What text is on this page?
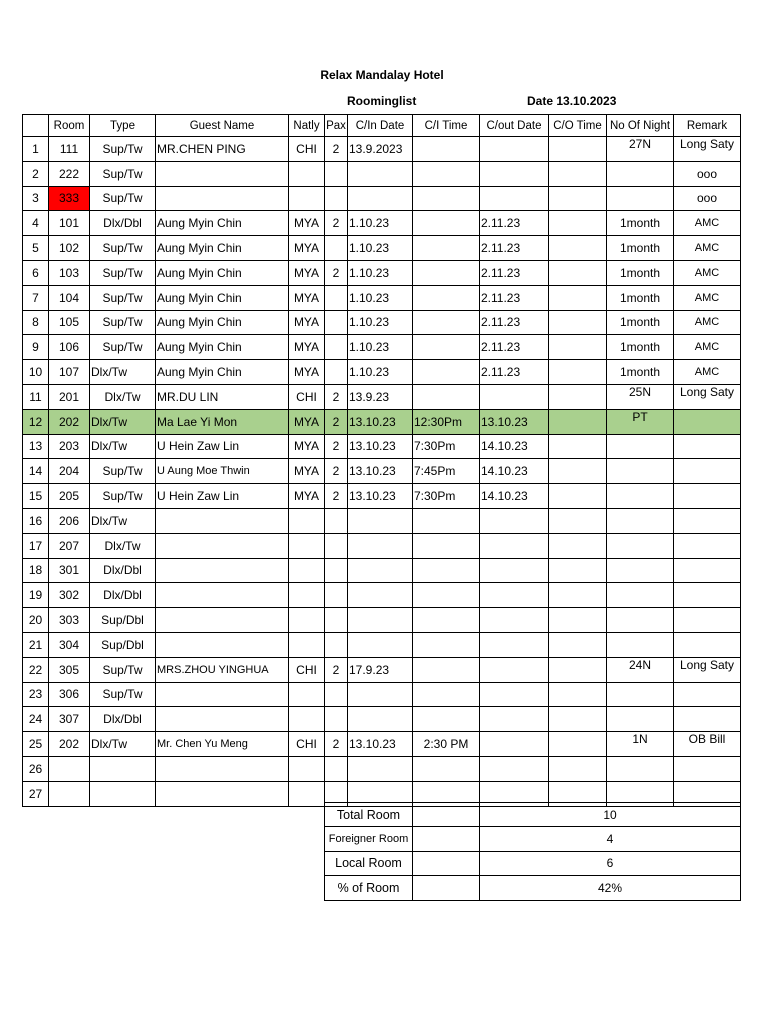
Relax Mandalay Hotel
Roominglist	Date 13.10.2023
	Room	Type	Guest Name	Natly	Pax	C/In Date	C/I Time	C/out Date	C/O Time	No Of Night	Remark
1	111	Sup/Tw	MR.CHEN PING	CHI	2	13.9.2023				27N	Long Saty
2	222	Sup/Tw									ooo
3	333	Sup/Tw									ooo
4	101	Dlx/Dbl	Aung Myin Chin	MYA	2	1.10.23		2.11.23		1month	AMC
5	102	Sup/Tw	Aung Myin Chin	MYA		1.10.23		2.11.23		1month	AMC
6	103	Sup/Tw	Aung Myin Chin	MYA	2	1.10.23		2.11.23		1month	AMC
7	104	Sup/Tw	Aung Myin Chin	MYA		1.10.23		2.11.23		1month	AMC
8	105	Sup/Tw	Aung Myin Chin	MYA		1.10.23		2.11.23		1month	AMC
9	106	Sup/Tw	Aung Myin Chin	MYA		1.10.23		2.11.23		1month	AMC
10	107	Dlx/Tw	Aung Myin Chin	MYA		1.10.23		2.11.23		1month	AMC
11	201	Dlx/Tw	MR.DU LIN	CHI	2	13.9.23				25N	Long Saty
12	202	Dlx/Tw	Ma Lae Yi Mon	MYA	2	13.10.23	12:30Pm	13.10.23		PT	
13	203	Dlx/Tw	U Hein Zaw Lin	MYA	2	13.10.23	7:30Pm	14.10.23			
14	204	Sup/Tw	U Aung Moe Thwin	MYA	2	13.10.23	7:45Pm	14.10.23			
15	205	Sup/Tw	U Hein Zaw Lin	MYA	2	13.10.23	7:30Pm	14.10.23			
16	206	Dlx/Tw									
17	207	Dlx/Tw									
18	301	Dlx/Dbl									
19	302	Dlx/Dbl									
20	303	Sup/Dbl									
21	304	Sup/Dbl									
22	305	Sup/Tw	MRS.ZHOU YINGHUA	CHI	2	17.9.23				24N	Long Saty
23	306	Sup/Tw									
24	307	Dlx/Dbl									
25	202	Dlx/Tw	Mr. Chen Yu Meng	CHI	2	13.10.23	2:30 PM			1N	OB Bill
26											
27											
Total Room		10
Foreigner Room		4
Local Room		6
% of Room		42%
